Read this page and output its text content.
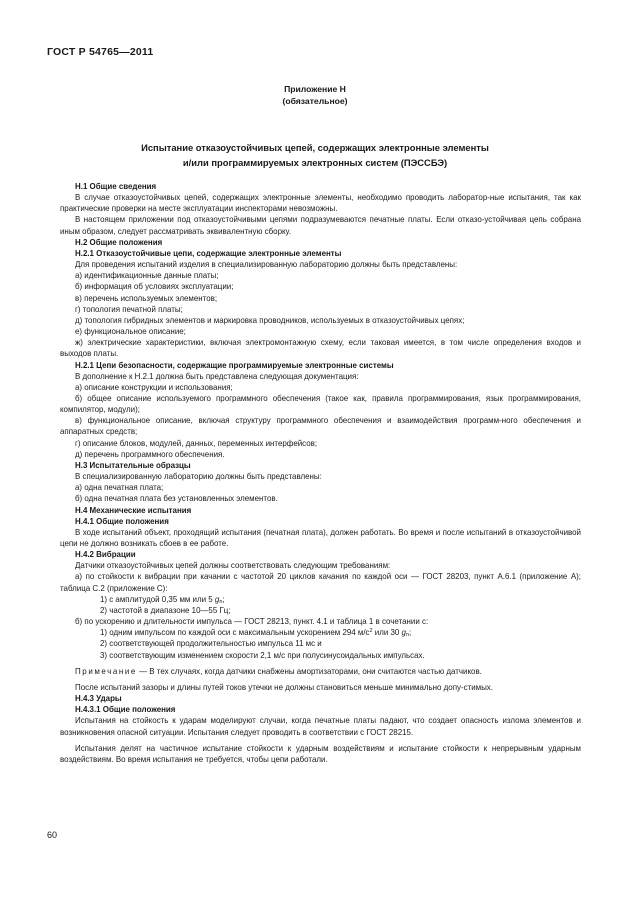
ГОСТ Р 54765—2011
Приложение Н
(обязательное)
Испытание отказоустойчивых цепей, содержащих электронные элементы
и/или программируемых электронных систем (ПЭССБЭ)

Н.1 Общие сведения

В случае отказоустойчивых цепей, содержащих электронные элементы, необходимо проводить лаборатор-ные испытания, так как практические проверки на месте эксплуатации инспекторами невозможны.

В настоящем приложении под отказоустойчивыми цепями подразумеваются печатные платы. Если отказо-устойчивая цепь собрана иным образом, следует рассматривать эквивалентную сборку.

Н.2 Общие положения

Н.2.1 Отказоустойчивые цепи, содержащие электронные элементы

Для проведения испытаний изделия в специализированную лабораторию должны быть представлены:

а) идентификационные данные платы;

б) информация об условиях эксплуатации;

в) перечень используемых элементов;

г) топология печатной платы;

д) топология гибридных элементов и маркировка проводников, используемых в отказоустойчивых цепях;

е) функциональное описание;

ж) электрические характеристики, включая электромонтажную схему, если таковая имеется, в том числе определения входов и выходов платы.

Н.2.1 Цепи безопасности, содержащие программируемые электронные системы

В дополнение к Н.2.1 должна быть представлена следующая документация:

а) описание конструкции и использования;

б) общее описание используемого программного обеспечения (такое как, правила программирования, язык программирования, компилятор, модули);

в) функциональное описание, включая структуру программного обеспечения и взаимодействия программ-ного обеспечения и аппаратных средств;

г) описание блоков, модулей, данных, переменных интерфейсов;

д) перечень программного обеспечения.

Н.3 Испытательные образцы

В специализированную лабораторию должны быть представлены:

а) одна печатная плата;

б) одна печатная плата без установленных элементов.

Н.4 Механические испытания

Н.4.1 Общие положения

В ходе испытаний объект, проходящий испытания (печатная плата), должен работать. Во время и после испытаний в отказоустойчивой цепи не должно возникать сбоев в ее работе.

Н.4.2 Вибрации

Датчики отказоустойчивых цепей должны соответствовать следующим требованиям:

а) по стойкости к вибрации при качании с частотой 20 циклов качания по каждой оси — ГОСТ 28203, пункт А.6.1 (приложение А); таблица С.2 (приложение С):

1) с амплитудой 0,35 мм или 5 $g_n$;

2) частотой в диапазоне 10—55 Гц;

б) по ускорению и длительности импульса — ГОСТ 28213, пункт. 4.1 и таблица 1 в сочетании с:

1) одним импульсом по каждой оси с максимальным ускорением 294 $м/с^2$ или 30 $g_n$;

2) соответствующей продолжительностью импульса 11 мс и

3) соответствующим изменением скорости 2,1 м/с при полусинусоидальных импульсах.

Примечание — В тех случаях, когда датчики снабжены амортизаторами, они считаются частью датчиков.

После испытаний зазоры и длины путей токов утечки не должны становиться меньше минимально допу-стимых.

Н.4.3 Удары

Н.4.3.1 Общие положения

Испытания на стойкость к ударам моделируют случаи, когда печатные платы падают, что создает опасность излома элементов и возникновения опасной ситуации. Испытания следует проводить в соответствии с ГОСТ 28215.

Испытания делят на частичное испытание стойкости к ударным воздействиям и испытание стойкости к непрерывным ударным воздействиям. Во время испытания не требуется, чтобы цепи работали.

60
